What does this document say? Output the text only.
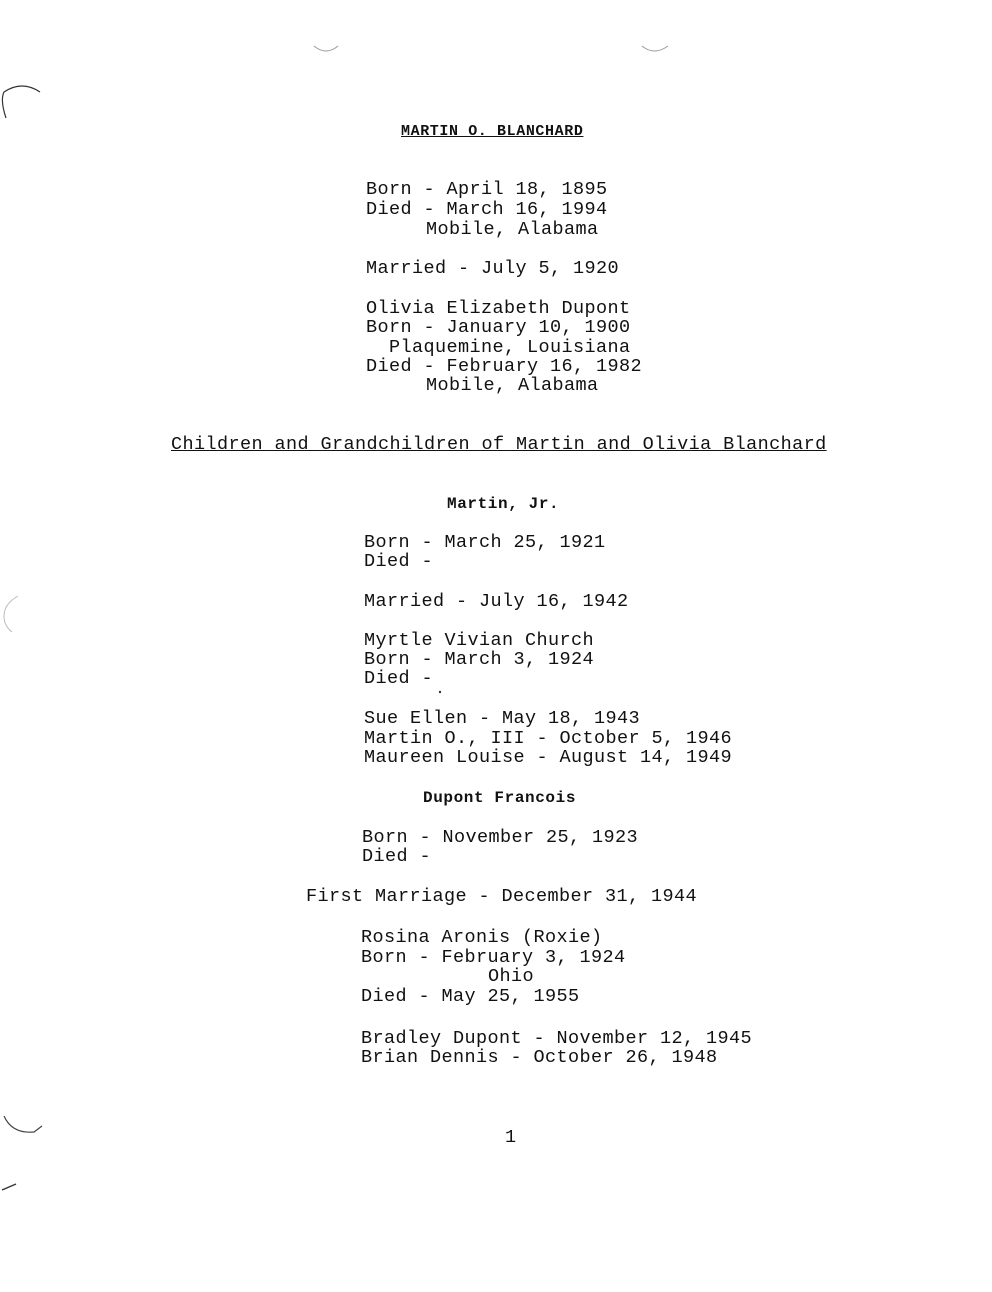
MARTIN O. BLANCHARD
Born - April 18, 1895
Died - March 16, 1994
Mobile, Alabama
Married - July 5, 1920
Olivia Elizabeth Dupont
Born - January 10, 1900
Plaquemine, Louisiana
Died - February 16, 1982
Mobile, Alabama
Children and Grandchildren of Martin and Olivia Blanchard
Martin, Jr.
Born - March 25, 1921
Died -
Married - July 16, 1942
Myrtle Vivian Church
Born - March 3, 1924
Died -
Sue Ellen - May 18, 1943
Martin O., III - October 5, 1946
Maureen Louise - August 14, 1949
Dupont Francois
Born - November 25, 1923
Died -
First Marriage - December 31, 1944
Rosina Aronis (Roxie)
Born - February 3, 1924
Ohio
Died - May 25, 1955
Bradley Dupont - November 12, 1945
Brian Dennis - October 26, 1948
1
